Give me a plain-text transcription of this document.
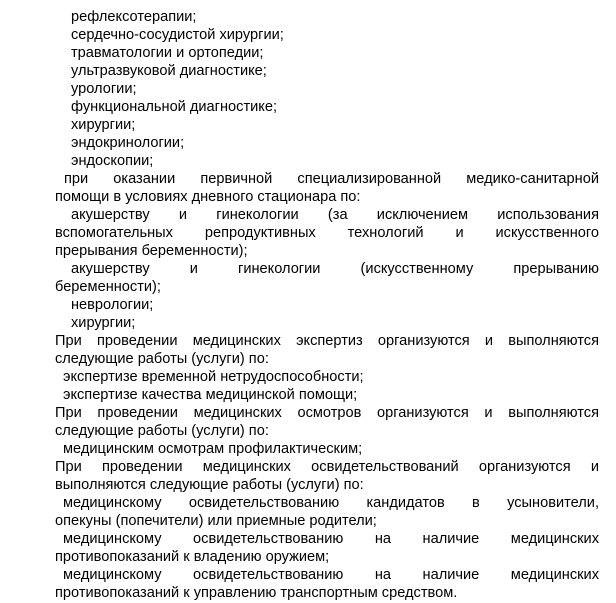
рефлексотерапии;

сердечно-сосудистой хирургии;

травматологии и ортопедии;

ультразвуковой диагностике;

урологии;

функциональной диагностике;

хирургии;

эндокринологии;

эндоскопии;

при оказании первичной специализированной медико-санитарной

помощи в условиях дневного стационара по:

акушерству и гинекологии (за исключением использования

вспомогательных репродуктивных технологий и искусственного

прерывания беременности);

акушерству и гинекологии (искусственному прерыванию

беременности);

неврологии;

хирургии;

При проведении медицинских экспертиз организуются и выполняются

следующие работы (услуги) по:

экспертизе временной нетрудоспособности;

экспертизе качества медицинской помощи;

При проведении медицинских осмотров организуются и выполняются

следующие работы (услуги) по:

медицинским осмотрам профилактическим;

При проведении медицинских освидетельствований организуются и

выполняются следующие работы (услуги) по:

медицинскому освидетельствованию кандидатов в усыновители,

опекуны (попечители) или приемные родители;

медицинскому освидетельствованию на наличие медицинских

противопоказаний к владению оружием;

медицинскому освидетельствованию на наличие медицинских

противопоказаний к управлению транспортным средством.
